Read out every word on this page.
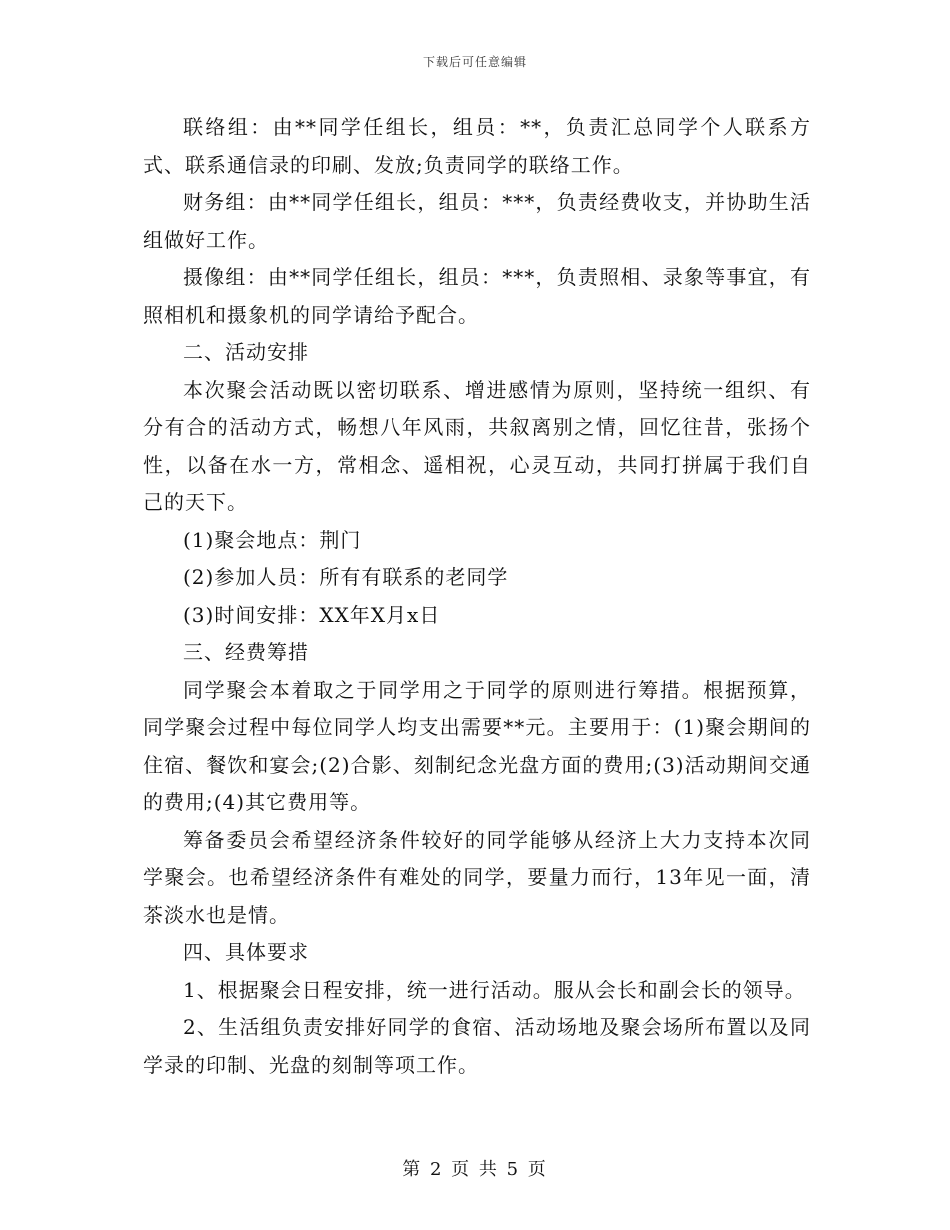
下载后可任意编辑

联络组：由**同学任组长，组员：**，负责汇总同学个人联系方式、联系通信录的印刷、发放;负责同学的联络工作。

财务组：由**同学任组长，组员：***，负责经费收支，并协助生活组做好工作。

摄像组：由**同学任组长，组员：***，负责照相、录象等事宜，有照相机和摄象机的同学请给予配合。

二、活动安排

本次聚会活动既以密切联系、增进感情为原则，坚持统一组织、有分有合的活动方式，畅想八年风雨，共叙离别之情，回忆往昔，张扬个性，以备在水一方，常相念、遥相祝，心灵互动，共同打拼属于我们自己的天下。

(1)聚会地点：荆门

(2)参加人员：所有有联系的老同学

(3)时间安排：XX年X月x日

三、经费筹措

同学聚会本着取之于同学用之于同学的原则进行筹措。根据预算，同学聚会过程中每位同学人均支出需要**元。主要用于：(1)聚会期间的住宿、餐饮和宴会;(2)合影、刻制纪念光盘方面的费用;(3)活动期间交通的费用;(4)其它费用等。

筹备委员会希望经济条件较好的同学能够从经济上大力支持本次同学聚会。也希望经济条件有难处的同学，要量力而行，13年见一面，清茶淡水也是情。

四、具体要求

1、根据聚会日程安排，统一进行活动。服从会长和副会长的领导。

2、生活组负责安排好同学的食宿、活动场地及聚会场所布置以及同学录的印制、光盘的刻制等项工作。

第 2 页 共 5 页
